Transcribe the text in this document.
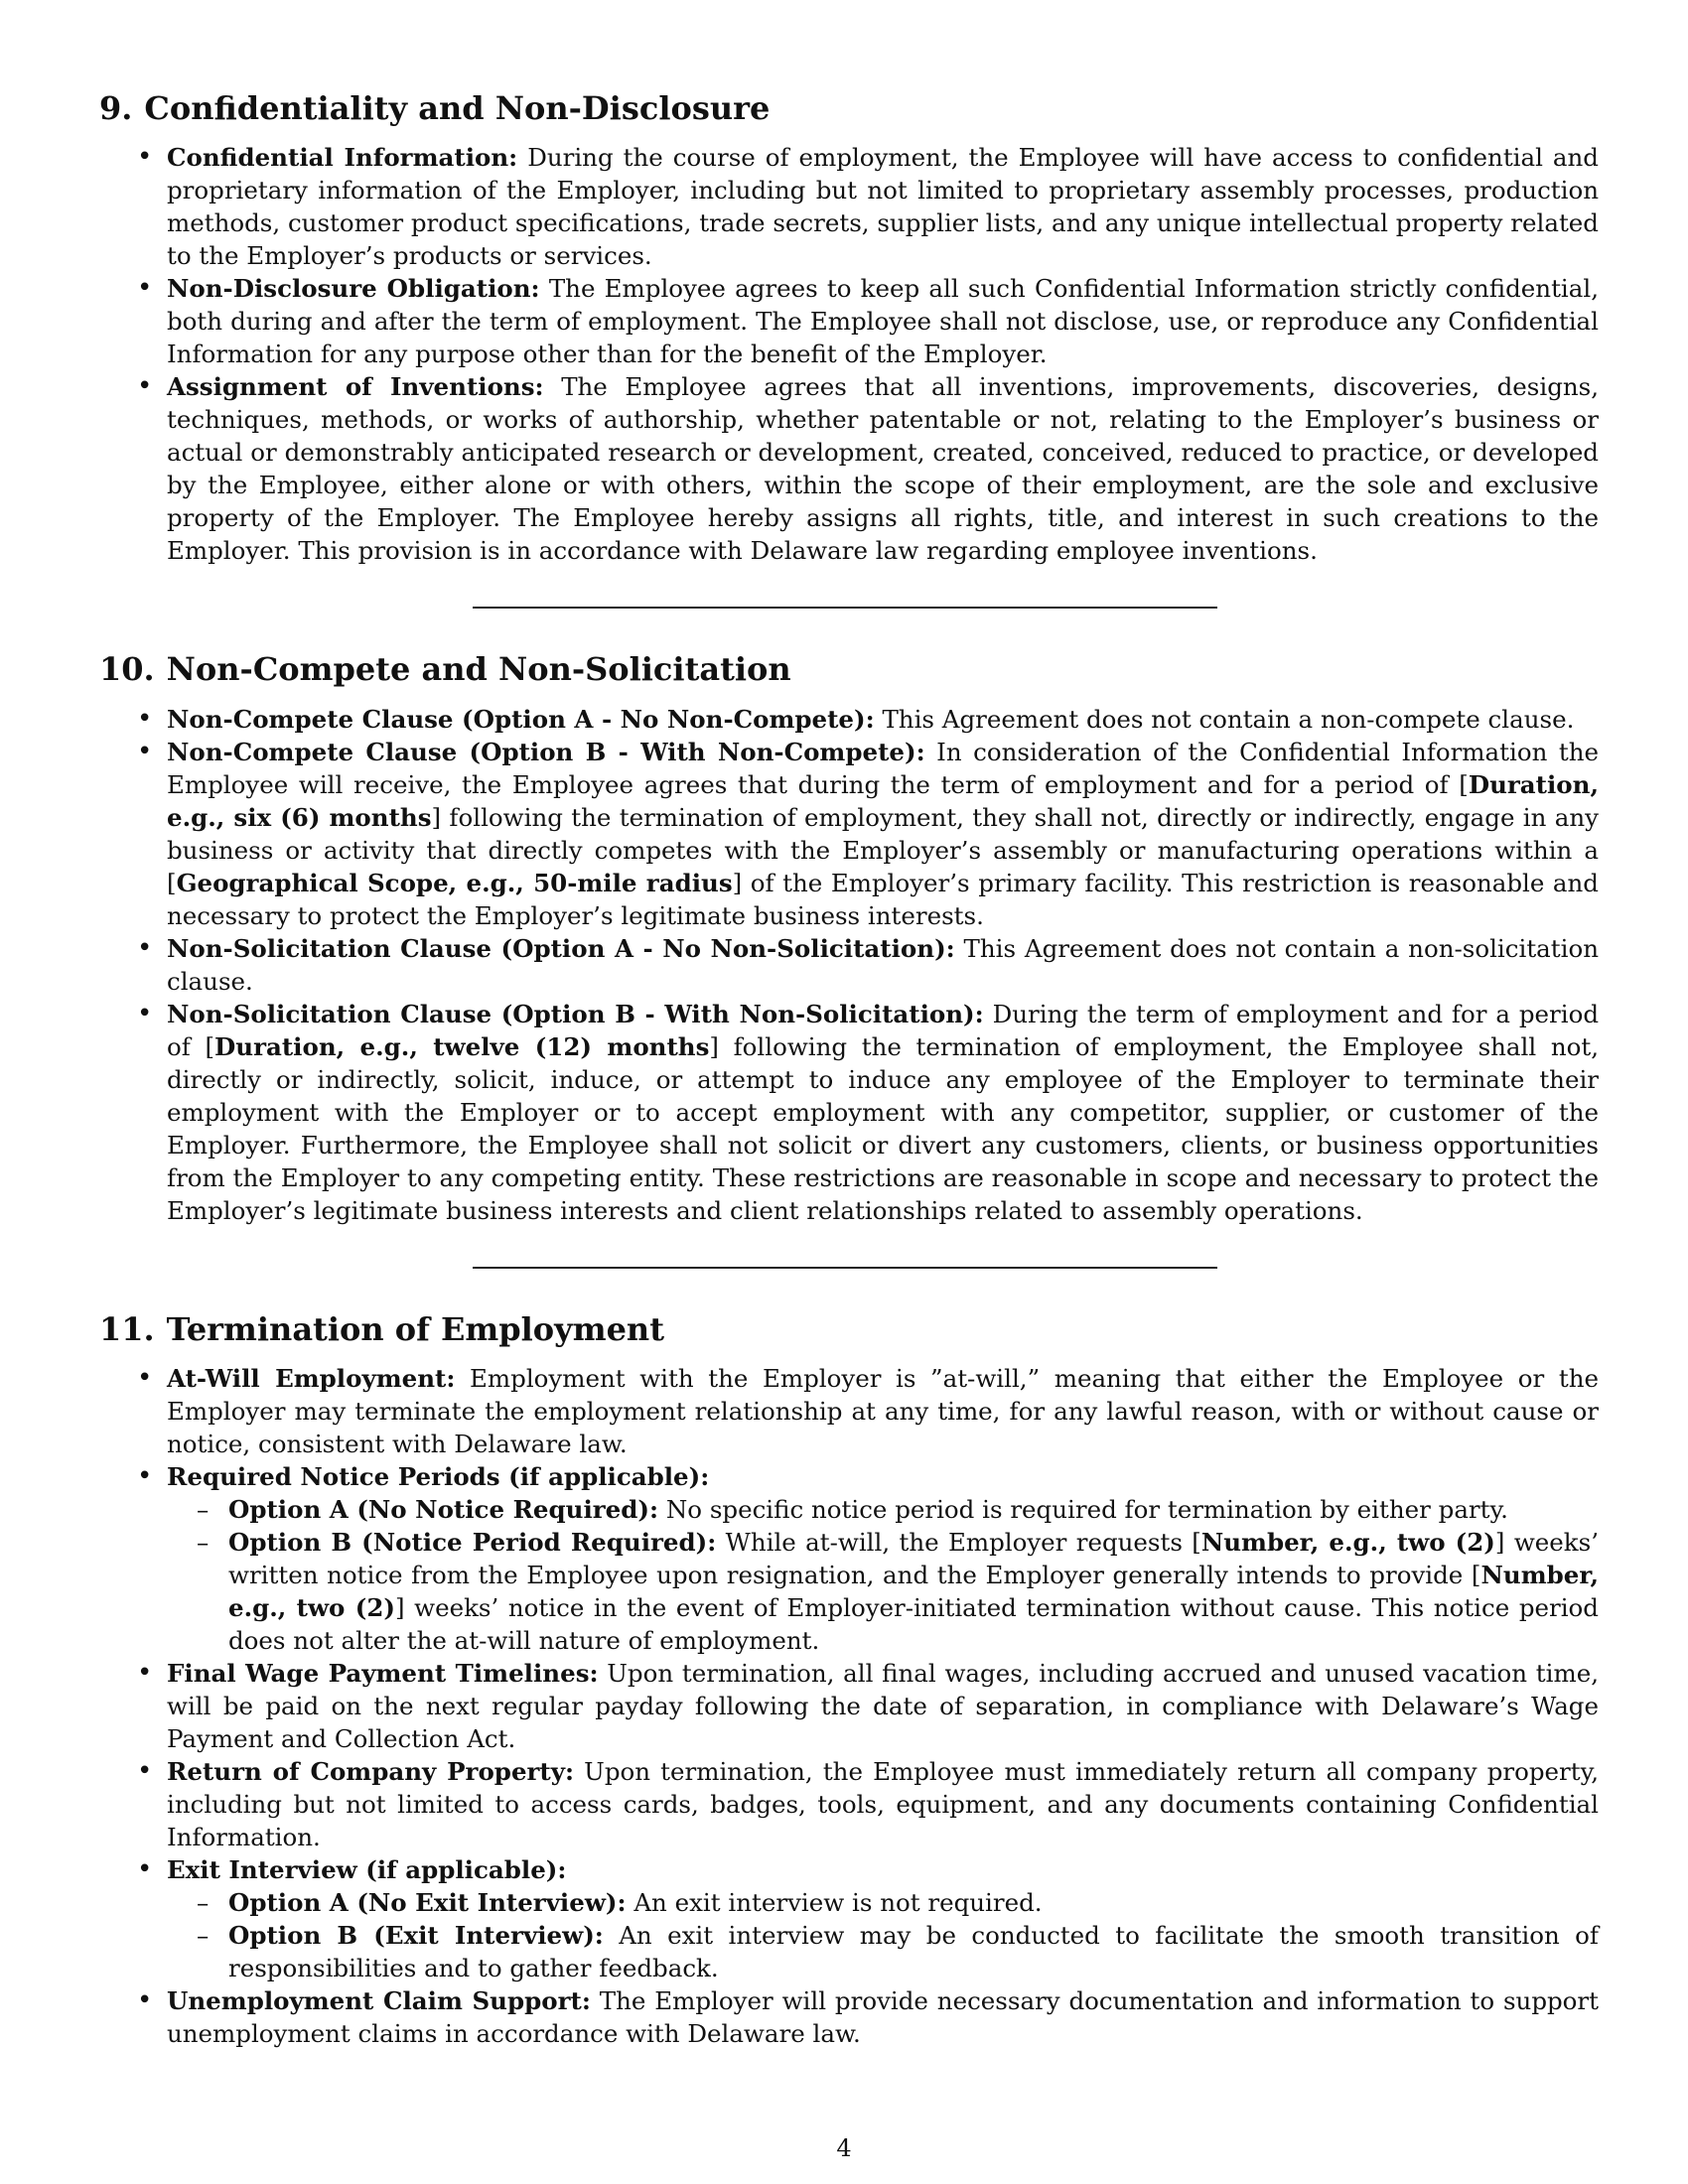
9. Confidentiality and Non-Disclosure
• Confidential Information: During the course of employment, the Employee will have access to confidential and proprietary information of the Employer, including but not limited to proprietary assembly processes, production methods, customer product specifications, trade secrets, supplier lists, and any unique intellectual property related to the Employer’s products or services.
• Non-Disclosure Obligation: The Employee agrees to keep all such Confidential Information strictly confidential, both during and after the term of employment. The Employee shall not disclose, use, or reproduce any Confidential Information for any purpose other than for the benefit of the Employer.
• Assignment of Inventions: The Employee agrees that all inventions, improvements, discoveries, designs, techniques, methods, or works of authorship, whether patentable or not, relating to the Employer’s business or actual or demonstrably anticipated research or development, created, conceived, reduced to practice, or developed by the Employee, either alone or with others, within the scope of their employment, are the sole and exclusive property of the Employer. The Employee hereby assigns all rights, title, and interest in such creations to the Employer. This provision is in accordance with Delaware law regarding employee inventions.
10. Non-Compete and Non-Solicitation
• Non-Compete Clause (Option A - No Non-Compete): This Agreement does not contain a non-compete clause.
• Non-Compete Clause (Option B - With Non-Compete): In consideration of the Confidential Information the Employee will receive, the Employee agrees that during the term of employment and for a period of [Duration, e.g., six (6) months] following the termination of employment, they shall not, directly or indirectly, engage in any business or activity that directly competes with the Employer’s assembly or manufacturing operations within a [Geographical Scope, e.g., 50-mile radius] of the Employer’s primary facility. This restriction is reasonable and necessary to protect the Employer’s legitimate business interests.
• Non-Solicitation Clause (Option A - No Non-Solicitation): This Agreement does not contain a non-solicitation clause.
• Non-Solicitation Clause (Option B - With Non-Solicitation): During the term of employment and for a period of [Duration, e.g., twelve (12) months] following the termination of employment, the Employee shall not, directly or indirectly, solicit, induce, or attempt to induce any employee of the Employer to terminate their employment with the Employer or to accept employment with any competitor, supplier, or customer of the Employer. Furthermore, the Employee shall not solicit or divert any customers, clients, or business opportunities from the Employer to any competing entity. These restrictions are reasonable in scope and necessary to protect the Employer’s legitimate business interests and client relationships related to assembly operations.
11. Termination of Employment
• At-Will Employment: Employment with the Employer is ”at-will,” meaning that either the Employee or the Employer may terminate the employment relationship at any time, for any lawful reason, with or without cause or notice, consistent with Delaware law.
• Required Notice Periods (if applicable):
– Option A (No Notice Required): No specific notice period is required for termination by either party.
– Option B (Notice Period Required): While at-will, the Employer requests [Number, e.g., two (2)] weeks’ written notice from the Employee upon resignation, and the Employer generally intends to provide [Number, e.g., two (2)] weeks’ notice in the event of Employer-initiated termination without cause. This notice period does not alter the at-will nature of employment.
• Final Wage Payment Timelines: Upon termination, all final wages, including accrued and unused vacation time, will be paid on the next regular payday following the date of separation, in compliance with Delaware’s Wage Payment and Collection Act.
• Return of Company Property: Upon termination, the Employee must immediately return all company property, including but not limited to access cards, badges, tools, equipment, and any documents containing Confidential Information.
• Exit Interview (if applicable):
– Option A (No Exit Interview): An exit interview is not required.
– Option B (Exit Interview): An exit interview may be conducted to facilitate the smooth transition of responsibilities and to gather feedback.
• Unemployment Claim Support: The Employer will provide necessary documentation and information to support unemployment claims in accordance with Delaware law.
4
